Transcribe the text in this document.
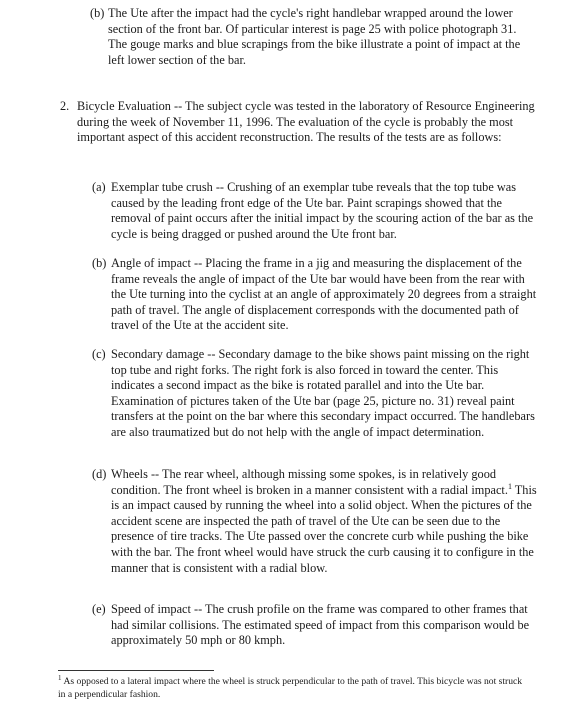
(b) The Ute after the impact had the cycle's right handlebar wrapped around the lower section of the front bar. Of particular interest is page 25 with police photograph 31. The gouge marks and blue scrapings from the bike illustrate a point of impact at the left lower section of the bar.
2. Bicycle Evaluation -- The subject cycle was tested in the laboratory of Resource Engineering during the week of November 11, 1996. The evaluation of the cycle is probably the most important aspect of this accident reconstruction. The results of the tests are as follows:
(a) Exemplar tube crush -- Crushing of an exemplar tube reveals that the top tube was caused by the leading front edge of the Ute bar. Paint scrapings showed that the removal of paint occurs after the initial impact by the scouring action of the bar as the cycle is being dragged or pushed around the Ute front bar.
(b) Angle of impact -- Placing the frame in a jig and measuring the displacement of the frame reveals the angle of impact of the Ute bar would have been from the rear with the Ute turning into the cyclist at an angle of approximately 20 degrees from a straight path of travel. The angle of displacement corresponds with the documented path of travel of the Ute at the accident site.
(c) Secondary damage -- Secondary damage to the bike shows paint missing on the right top tube and right forks. The right fork is also forced in toward the center. This indicates a second impact as the bike is rotated parallel and into the Ute bar. Examination of pictures taken of the Ute bar (page 25, picture no. 31) reveal paint transfers at the point on the bar where this secondary impact occurred. The handlebars are also traumatized but do not help with the angle of impact determination.
(d) Wheels -- The rear wheel, although missing some spokes, is in relatively good condition. The front wheel is broken in a manner consistent with a radial impact.$^1$ This is an impact caused by running the wheel into a solid object. When the pictures of the accident scene are inspected the path of travel of the Ute can be seen due to the presence of tire tracks. The Ute passed over the concrete curb while pushing the bike with the bar. The front wheel would have struck the curb causing it to configure in the manner that is consistent with a radial blow.
(e) Speed of impact -- The crush profile on the frame was compared to other frames that had similar collisions. The estimated speed of impact from this comparison would be approximately 50 mph or 80 kmph.
$^1$ As opposed to a lateral impact where the wheel is struck perpendicular to the path of travel. This bicycle was not struck in a perpendicular fashion.
